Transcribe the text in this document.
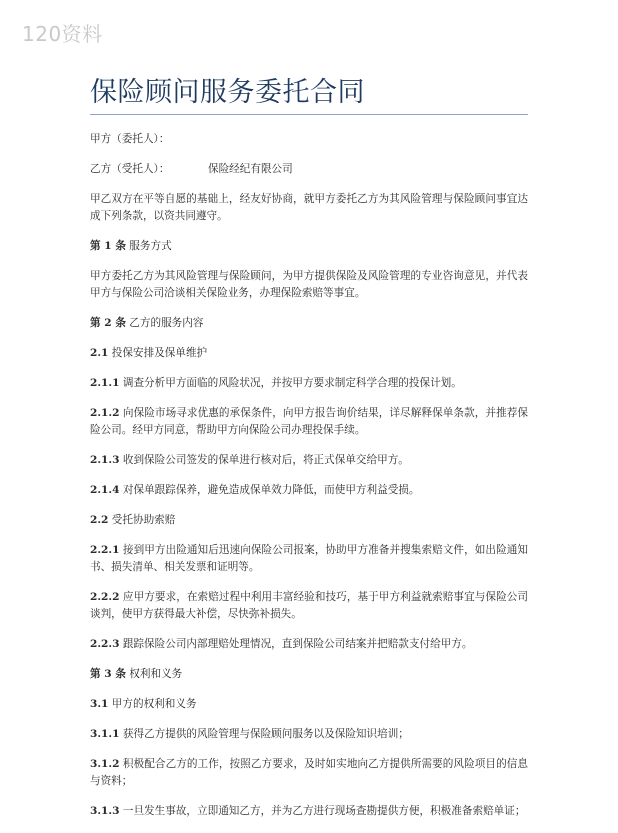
120资料
保险顾问服务委托合同

甲方（委托人）：

乙方（受托人）：	保险经纪有限公司

甲乙双方在平等自愿的基础上，经友好协商，就甲方委托乙方为其风险管理与保险顾问事宜达成下列条款，以资共同遵守。

第 1 条 服务方式

甲方委托乙方为其风险管理与保险顾问，为甲方提供保险及风险管理的专业咨询意见，并代表甲方与保险公司洽谈相关保险业务，办理保险索赔等事宜。

第 2 条 乙方的服务内容

2.1 投保安排及保单维护

2.1.1 调查分析甲方面临的风险状况，并按甲方要求制定科学合理的投保计划。

2.1.2 向保险市场寻求优惠的承保条件，向甲方报告询价结果，详尽解释保单条款，并推荐保险公司。经甲方同意，帮助甲方向保险公司办理投保手续。

2.1.3 收到保险公司签发的保单进行核对后，将正式保单交给甲方。

2.1.4 对保单跟踪保养，避免造成保单效力降低，而使甲方利益受损。

2.2 受托协助索赔

2.2.1 接到甲方出险通知后迅速向保险公司报案，协助甲方准备并搜集索赔文件，如出险通知书、损失清单、相关发票和证明等。

2.2.2 应甲方要求，在索赔过程中利用丰富经验和技巧，基于甲方利益就索赔事宜与保险公司谈判，使甲方获得最大补偿，尽快弥补损失。

2.2.3 跟踪保险公司内部理赔处理情况，直到保险公司结案并把赔款支付给甲方。

第 3 条 权利和义务

3.1 甲方的权利和义务

3.1.1 获得乙方提供的风险管理与保险顾问服务以及保险知识培训；

3.1.2 积极配合乙方的工作，按照乙方要求，及时如实地向乙方提供所需要的风险项目的信息与资料；

3.1.3 一旦发生事故，立即通知乙方，并为乙方进行现场查勘提供方便，积极准备索赔单证；
